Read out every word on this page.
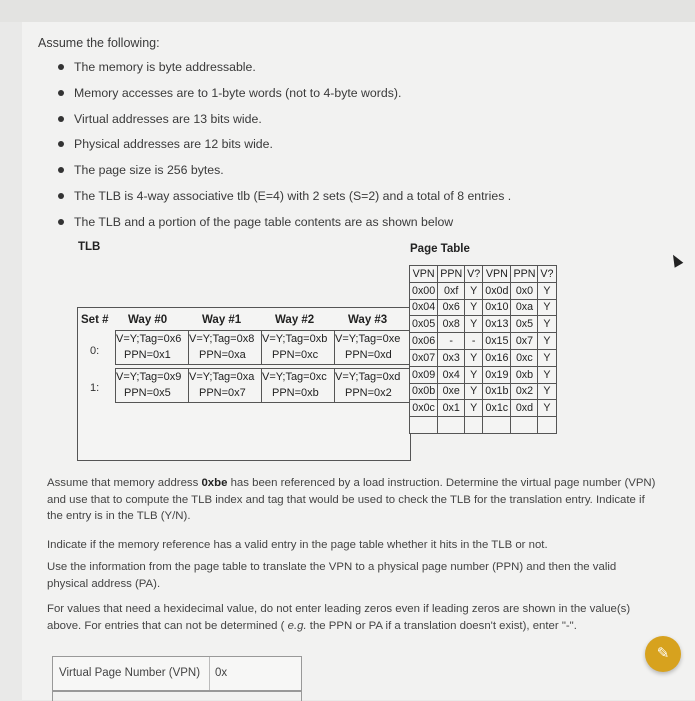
Assume the following:
The memory is byte addressable.
Memory accesses are to 1-byte words (not to 4-byte words).
Virtual addresses are 13 bits wide.
Physical addresses are 12 bits wide.
The page size is 256 bytes.
The TLB is 4-way associative tlb (E=4) with 2 sets (S=2) and a total of 8 entries .
The TLB and a portion of the page table contents are as shown below
TLB	Page Table
Set # Way #0	Way #1	Way #2	Way #3
0:
V=Y;Tag=0x6 V=Y;Tag=0x8 V=Y;Tag=0xb V=Y;Tag=0xe
PPN=0x1	PPN=0xa PPN=0xc PPN=0xd
1:
V=Y;Tag=0x9 V=Y;Tag=0xa V=Y;Tag=0xc V=Y;Tag=0xd
PPN=0x5	PPN=0x7 PPN=0xb PPN=0x2
VPN	PPN	V?	VPN	PPN	V?
0x00	0xf	Y	0x0d	0x0	Y
0x04	0x6	Y	0x10	0xa	Y
0x05	0x8	Y	0x13	0x5	Y
0x06	-	-	0x15	0x7	Y
0x07	0x3	Y	0x16	0xc	Y
0x09	0x4	Y	0x19	0xb	Y
0x0b	0xe	Y	0x1b	0x2	Y
0x0c	0x1	Y	0x1c	0xd	Y

Assume that memory address 0xbe has been referenced by a load instruction. Determine the virtual page number (VPN) and use that to compute the TLB index and tag that would be used to check the TLB for the translation entry. Indicate if the entry is in the TLB (Y/N).
Indicate if the memory reference has a valid entry in the page table whether it hits in the TLB or not.
Use the information from the page table to translate the VPN to a physical page number (PPN) and then the valid physical address (PA).
For values that need a hexidecimal value, do not enter leading zeros even if leading zeros are shown in the value(s) above. For entries that can not be determined ( e.g. the PPN or PA if a translation doesn't exist), enter "-".
Virtual Page Number (VPN) 0x
✎
